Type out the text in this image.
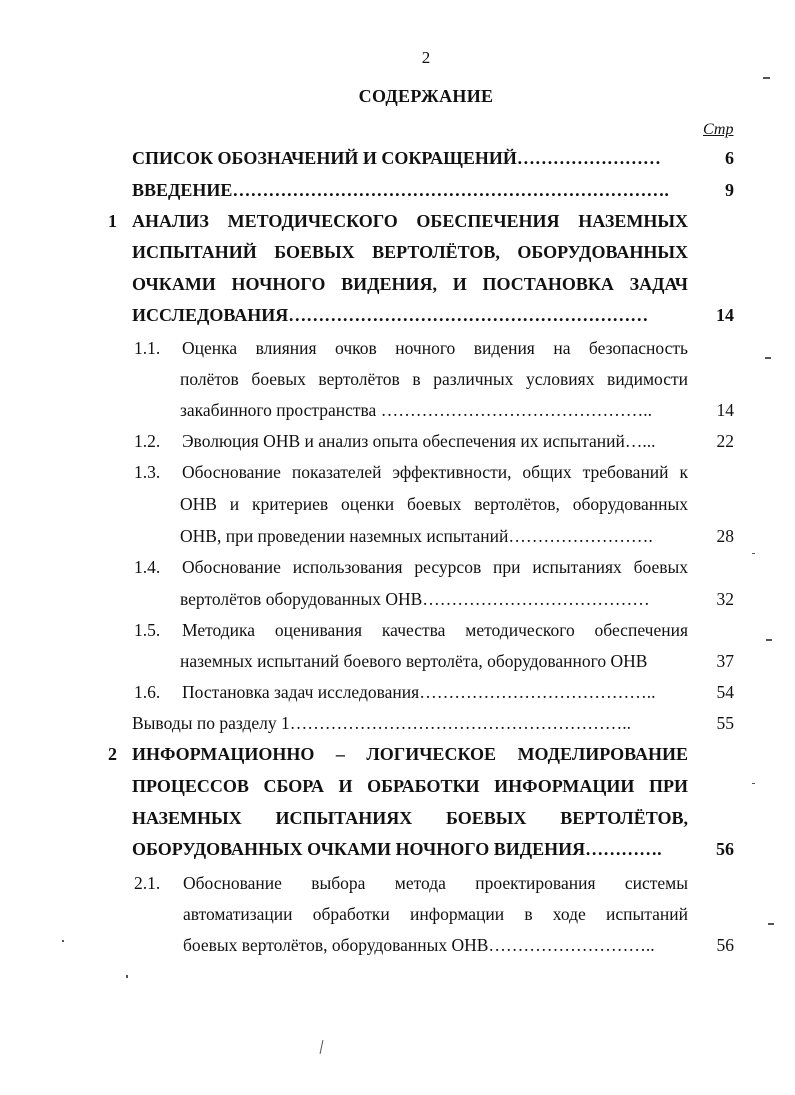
2
СОДЕРЖАНИЕ
Стр
СПИСОК ОБОЗНАЧЕНИЙ И СОКРАЩЕНИЙ……………………	6
ВВЕДЕНИЕ……………………………………………………………….	9
1 АНАЛИЗ МЕТОДИЧЕСКОГО ОБЕСПЕЧЕНИЯ НАЗЕМНЫХ
ИСПЫТАНИЙ БОЕВЫХ ВЕРТОЛЁТОВ, ОБОРУДОВАННЫХ
ОЧКАМИ НОЧНОГО ВИДЕНИЯ, И ПОСТАНОВКА ЗАДАЧ
ИССЛЕДОВАНИЯ……………………………………………………	14
1.1. Оценка влияния очков ночного видения на безопасность
полётов боевых вертолётов в различных условиях видимости
закабинного пространства ………………………………………..	14
1.2. Эволюция ОНВ и анализ опыта обеспечения их испытаний…...	22
1.3. Обоснование показателей эффективности, общих требований к
ОНВ и критериев оценки боевых вертолётов, оборудованных
ОНВ, при проведении наземных испытаний…………………….	28
1.4. Обоснование использования ресурсов при испытаниях боевых
вертолётов оборудованных ОНВ…………………………………	32
1.5. Методика оценивания качества методического обеспечения
наземных испытаний боевого вертолёта, оборудованного ОНВ	37
1.6. Постановка задач исследования…………………………………..	54
Выводы по разделу 1…………………………………………………..	55
2 ИНФОРМАЦИОННО – ЛОГИЧЕСКОЕ МОДЕЛИРОВАНИЕ
ПРОЦЕССОВ СБОРА И ОБРАБОТКИ ИНФОРМАЦИИ ПРИ
НАЗЕМНЫХ ИСПЫТАНИЯХ БОЕВЫХ ВЕРТОЛЁТОВ,
ОБОРУДОВАННЫХ ОЧКАМИ НОЧНОГО ВИДЕНИЯ………….	56
2.1. Обоснование выбора метода проектирования системы
автоматизации обработки информации в ходе испытаний
боевых вертолётов, оборудованных ОНВ………………………..	56
